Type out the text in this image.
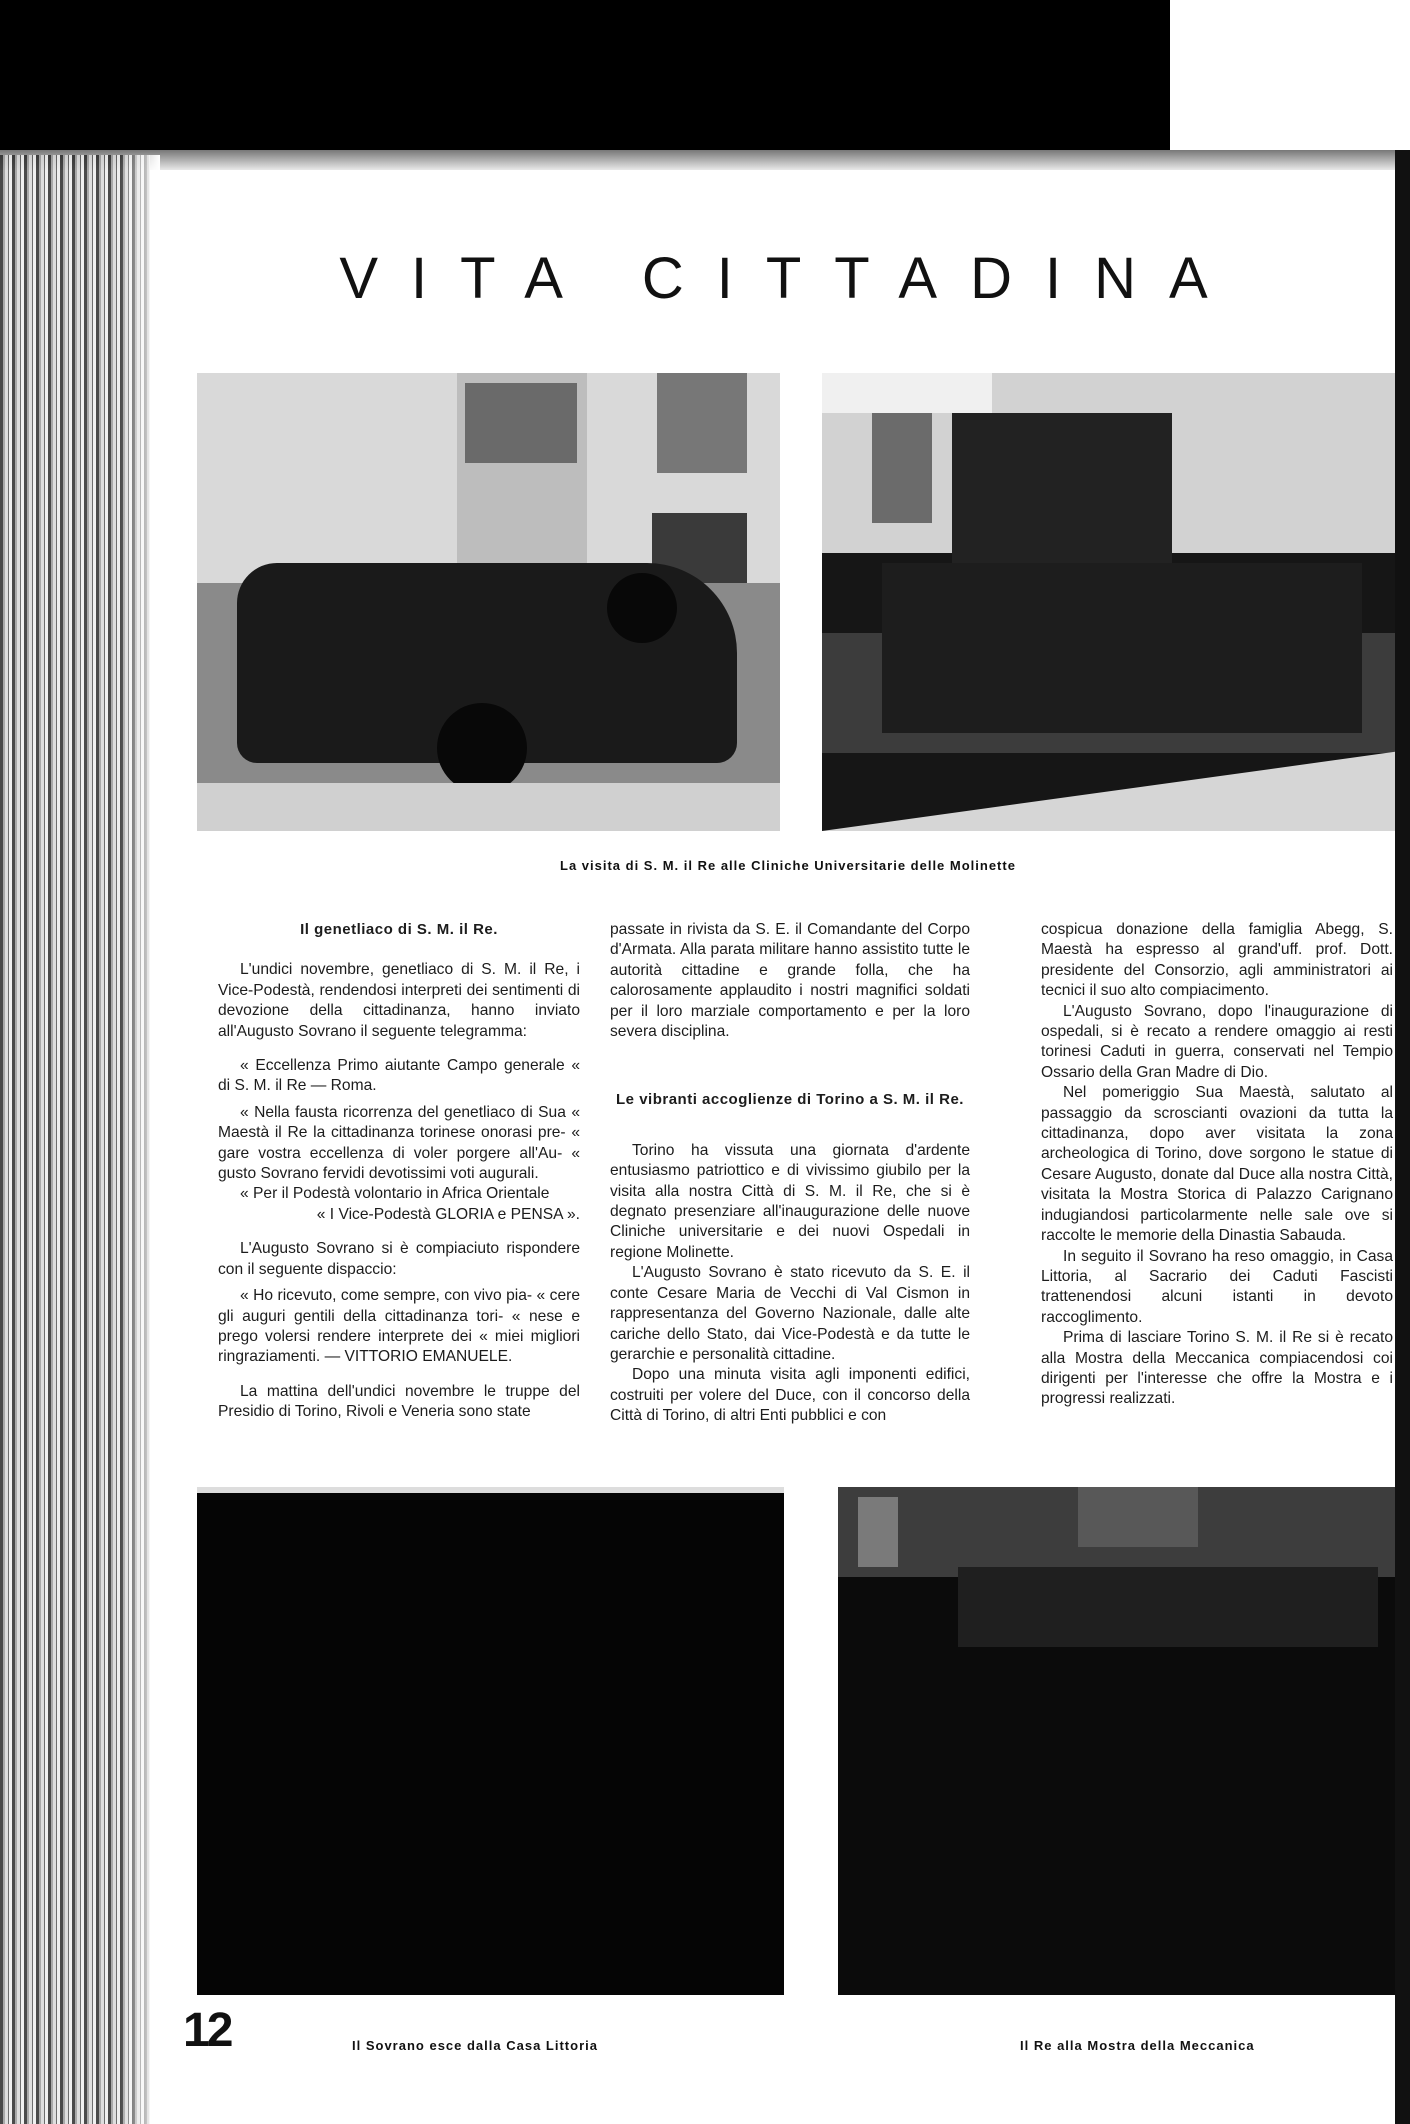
VITA CITTADINA
La visita di S. M. il Re alle Cliniche Universitarie delle Molinette
Il genetliaco di S. M. il Re.

L'undici novembre, genetliaco di S. M. il Re, i Vice-Podestà, rendendosi interpreti dei sentimenti di devozione della cittadinanza, hanno inviato all'Augusto Sovrano il seguente telegramma:

« Eccellenza Primo aiutante Campo generale « di S. M. il Re — Roma.

« Nella fausta ricorrenza del genetliaco di Sua « Maestà il Re la cittadinanza torinese onorasi pre- « gare vostra eccellenza di voler porgere all'Au- « gusto Sovrano fervidi devotissimi voti augurali.

« Per il Podestà volontario in Africa Orientale

« I Vice-Podestà GLORIA e PENSA ».

L'Augusto Sovrano si è compiaciuto rispondere con il seguente dispaccio:

« Ho ricevuto, come sempre, con vivo pia- « cere gli auguri gentili della cittadinanza tori- « nese e prego volersi rendere interprete dei « miei migliori ringraziamenti. — VITTORIO EMANUELE.

La mattina dell'undici novembre le truppe del Presidio di Torino, Rivoli e Veneria sono state

passate in rivista da S. E. il Comandante del Corpo d'Armata. Alla parata militare hanno assistito tutte le autorità cittadine e grande folla, che ha calorosamente applaudito i nostri magnifici soldati per il loro marziale comportamento e per la loro severa disciplina.

Le vibranti accoglienze di Torino a S. M. il Re.

Torino ha vissuta una giornata d'ardente entusiasmo patriottico e di vivissimo giubilo per la visita alla nostra Città di S. M. il Re, che si è degnato presenziare all'inaugurazione delle nuove Cliniche universitarie e dei nuovi Ospedali in regione Molinette.

L'Augusto Sovrano è stato ricevuto da S. E. il conte Cesare Maria de Vecchi di Val Cismon in rappresentanza del Governo Nazionale, dalle alte cariche dello Stato, dai Vice-Podestà e da tutte le gerarchie e personalità cittadine.

Dopo una minuta visita agli imponenti edifici, costruiti per volere del Duce, con il concorso della Città di Torino, di altri Enti pubblici e con

cospicua donazione della famiglia Abegg, S. Maestà ha espresso al grand'uff. prof. Dott. presidente del Consorzio, agli amministratori ai tecnici il suo alto compiacimento.

L'Augusto Sovrano, dopo l'inaugurazione di ospedali, si è recato a rendere omaggio ai resti torinesi Caduti in guerra, conservati nel Tempio Ossario della Gran Madre di Dio.

Nel pomeriggio Sua Maestà, salutato al passaggio da scroscianti ovazioni da tutta la cittadinanza, dopo aver visitata la zona archeologica di Torino, dove sorgono le statue di Cesare Augusto, donate dal Duce alla nostra Città, visitata la Mostra Storica di Palazzo Carignano indugiandosi particolarmente nelle sale ove si raccolte le memorie della Dinastia Sabauda.

In seguito il Sovrano ha reso omaggio, in Casa Littoria, al Sacrario dei Caduti Fascisti trattenendosi alcuni istanti in devoto raccoglimento.

Prima di lasciare Torino S. M. il Re si è recato alla Mostra della Meccanica compiacendosi coi dirigenti per l'interesse che offre la Mostra e i progressi realizzati.

Il Sovrano esce dalla Casa Littoria	Il Re alla Mostra della Meccanica
12
